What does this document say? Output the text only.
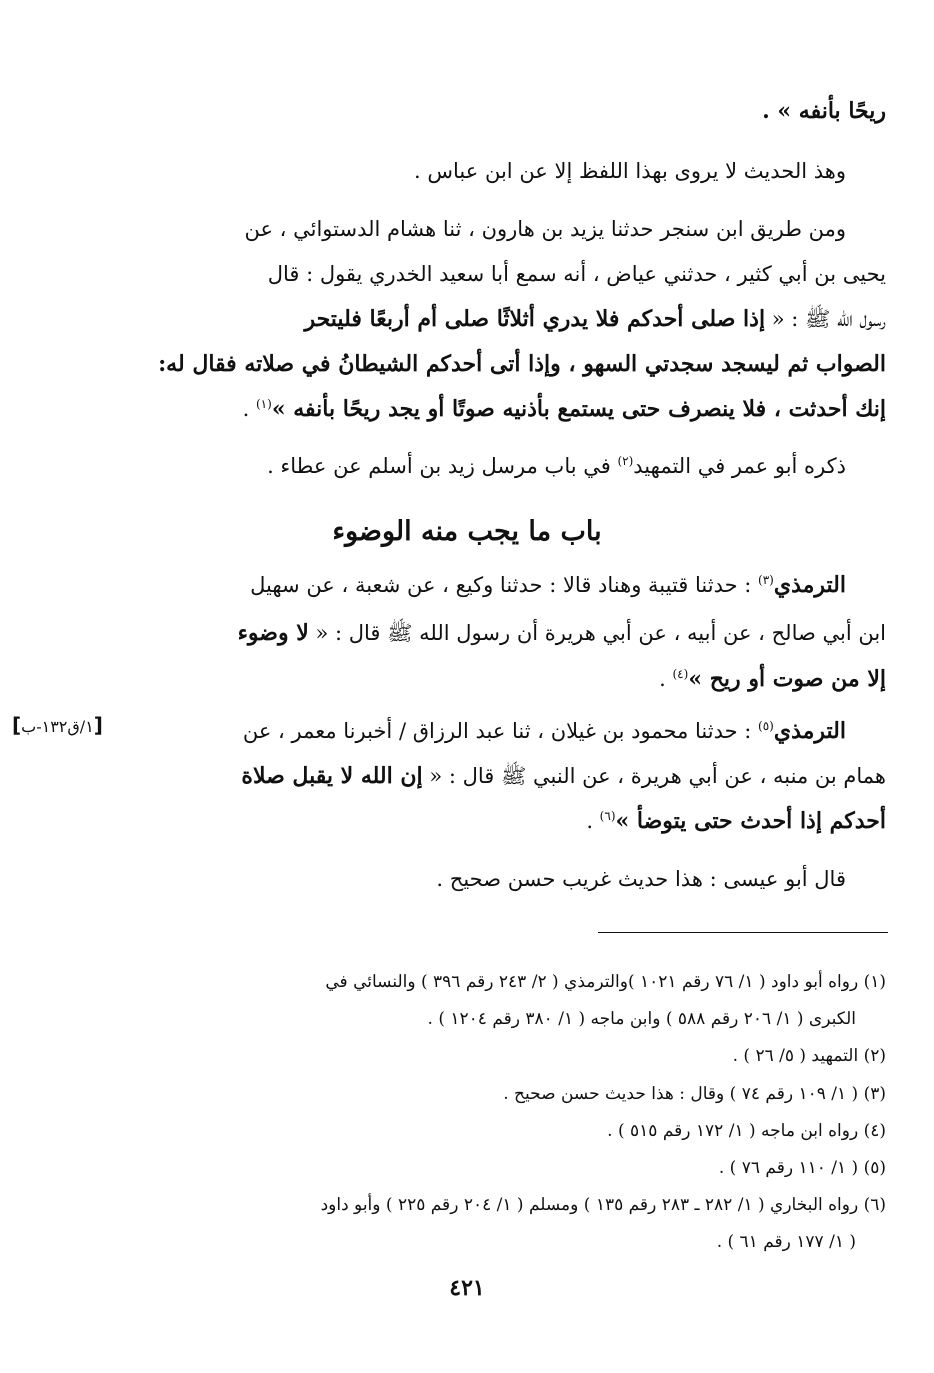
ريحًا بأنفه » .
وهذ الحديث لا يروى بهذا اللفظ إلا عن ابن عباس .
ومن طريق ابن سنجر حدثنا يزيد بن هارون ، ثنا هشام الدستوائي ، عن
يحيى بن أبي كثير ، حدثني عياض ، أنه سمع أبا سعيد الخدري يقول : قال
رسول الله ﷺ : « إذا صلى أحدكم فلا يدري أثلاثًا صلى أم أربعًا فليتحر
الصواب ثم ليسجد سجدتي السهو ، وإذا أتى أحدكم الشيطانُ في صلاته فقال له:
إنك أحدثت ، فلا ينصرف حتى يستمع بأذنيه صوتًا أو يجد ريحًا بأنفه »$^{(١)}$ .
ذكره أبو عمر في التمهيد$^{(٢)}$ في باب مرسل زيد بن أسلم عن عطاء .
باب ما يجب منه الوضوء
الترمذي$^{(٣)}$ : حدثنا قتيبة وهناد قالا : حدثنا وكيع ، عن شعبة ، عن سهيل
ابن أبي صالح ، عن أبيه ، عن أبي هريرة أن رسول الله ﷺ قال : « لا وضوء
إلا من صوت أو ريح »$^{(٤)}$ .
الترمذي$^{(٥)}$ : حدثنا محمود بن غيلان ، ثنا عبد الرزاق / أخبرنا معمر ، عن
همام بن منبه ، عن أبي هريرة ، عن النبي ﷺ قال : « إن الله لا يقبل صلاة
أحدكم إذا أحدث حتى يتوضأ »$^{(٦)}$ .
قال أبو عيسى : هذا حديث غريب حسن صحيح .
[١/ق١٣٢-ب]
(١) رواه أبو داود ( ١/ ٧٦ رقم ١٠٢١ )والترمذي ( ٢/ ٢٤٣ رقم ٣٩٦ ) والنسائي في
الكبرى ( ١/ ٢٠٦ رقم ٥٨٨ ) وابن ماجه ( ١/ ٣٨٠ رقم ١٢٠٤ ) .
(٢) التمهيد ( ٥/ ٢٦ ) .
(٣) ( ١/ ١٠٩ رقم ٧٤ ) وقال : هذا حديث حسن صحيح .
(٤) رواه ابن ماجه ( ١/ ١٧٢ رقم ٥١٥ ) .
(٥) ( ١/ ١١٠ رقم ٧٦ ) .
(٦) رواه البخاري ( ١/ ٢٨٢ ـ ٢٨٣ رقم ١٣٥ ) ومسلم ( ١/ ٢٠٤ رقم ٢٢٥ ) وأبو داود
( ١/ ١٧٧ رقم ٦١ ) .
٤٢١
